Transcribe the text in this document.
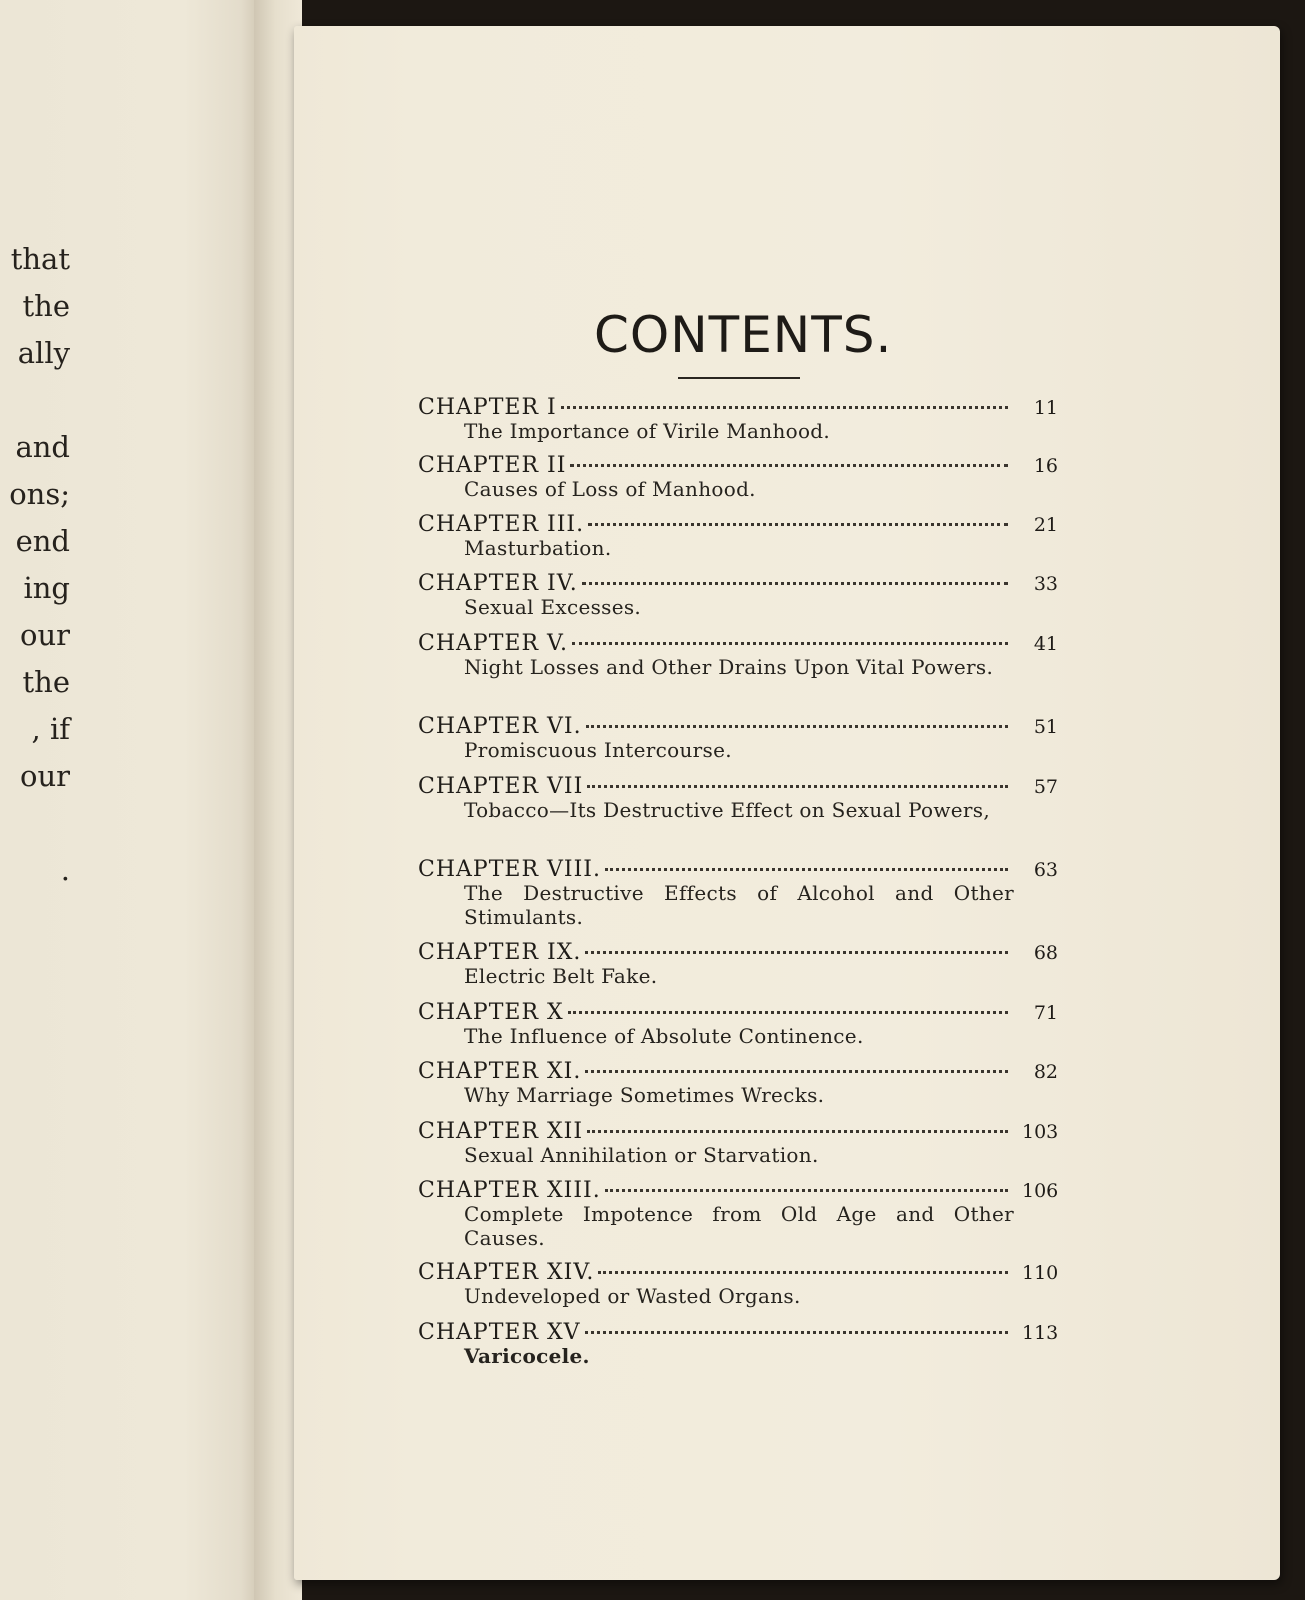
that
the
ally
and
ons;
end
ing
our
the
, if
our
.
CONTENTS.
CHAPTER I	11
The Importance of Virile Manhood.
CHAPTER II	16
Causes of Loss of Manhood.
CHAPTER III.	21
Masturbation.
CHAPTER IV.	33
Sexual Excesses.
CHAPTER V.	41
Night Losses and Other Drains Upon Vital Powers.
CHAPTER VI.	51
Promiscuous Intercourse.
CHAPTER VII	57
Tobacco—Its Destructive Effect on Sexual Powers,
CHAPTER VIII.	63
The Destructive Effects of Alcohol and Other Stimulants.
CHAPTER IX.	68
Electric Belt Fake.
CHAPTER X	71
The Influence of Absolute Continence.
CHAPTER XI.	82
Why Marriage Sometimes Wrecks.
CHAPTER XII	103
Sexual Annihilation or Starvation.
CHAPTER XIII.	106
Complete Impotence from Old Age and Other Causes.
CHAPTER XIV.	110
Undeveloped or Wasted Organs.
CHAPTER XV	113
Varicocele.
